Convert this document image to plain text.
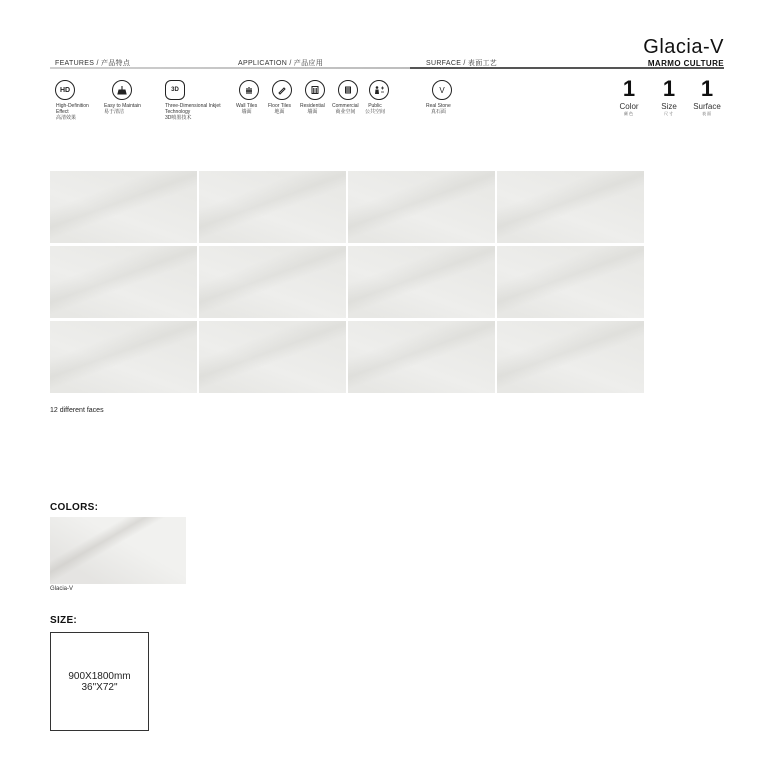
FEATURES / 产品特点	APPLICATION / 产品应用	SURFACE / 表面工艺
Glacia-V
MARMO CULTURE
HD
High-Definition Effect
高清效果
Easy to Maintain
易于清洁
3D
Three-Dimensional Inkjet Technology
3D喷墨技术
Wall Tiles
墙面
Floor Tiles
地面
Residential
墙面
Commercial
商业空间
Public
公共空间
V
Real Stone
真石面
1
Color
颜色
1
Size
尺寸
1
Surface
表面
12 different faces
COLORS:
Glacia-V
SIZE:
900X1800mm
36"X72"
